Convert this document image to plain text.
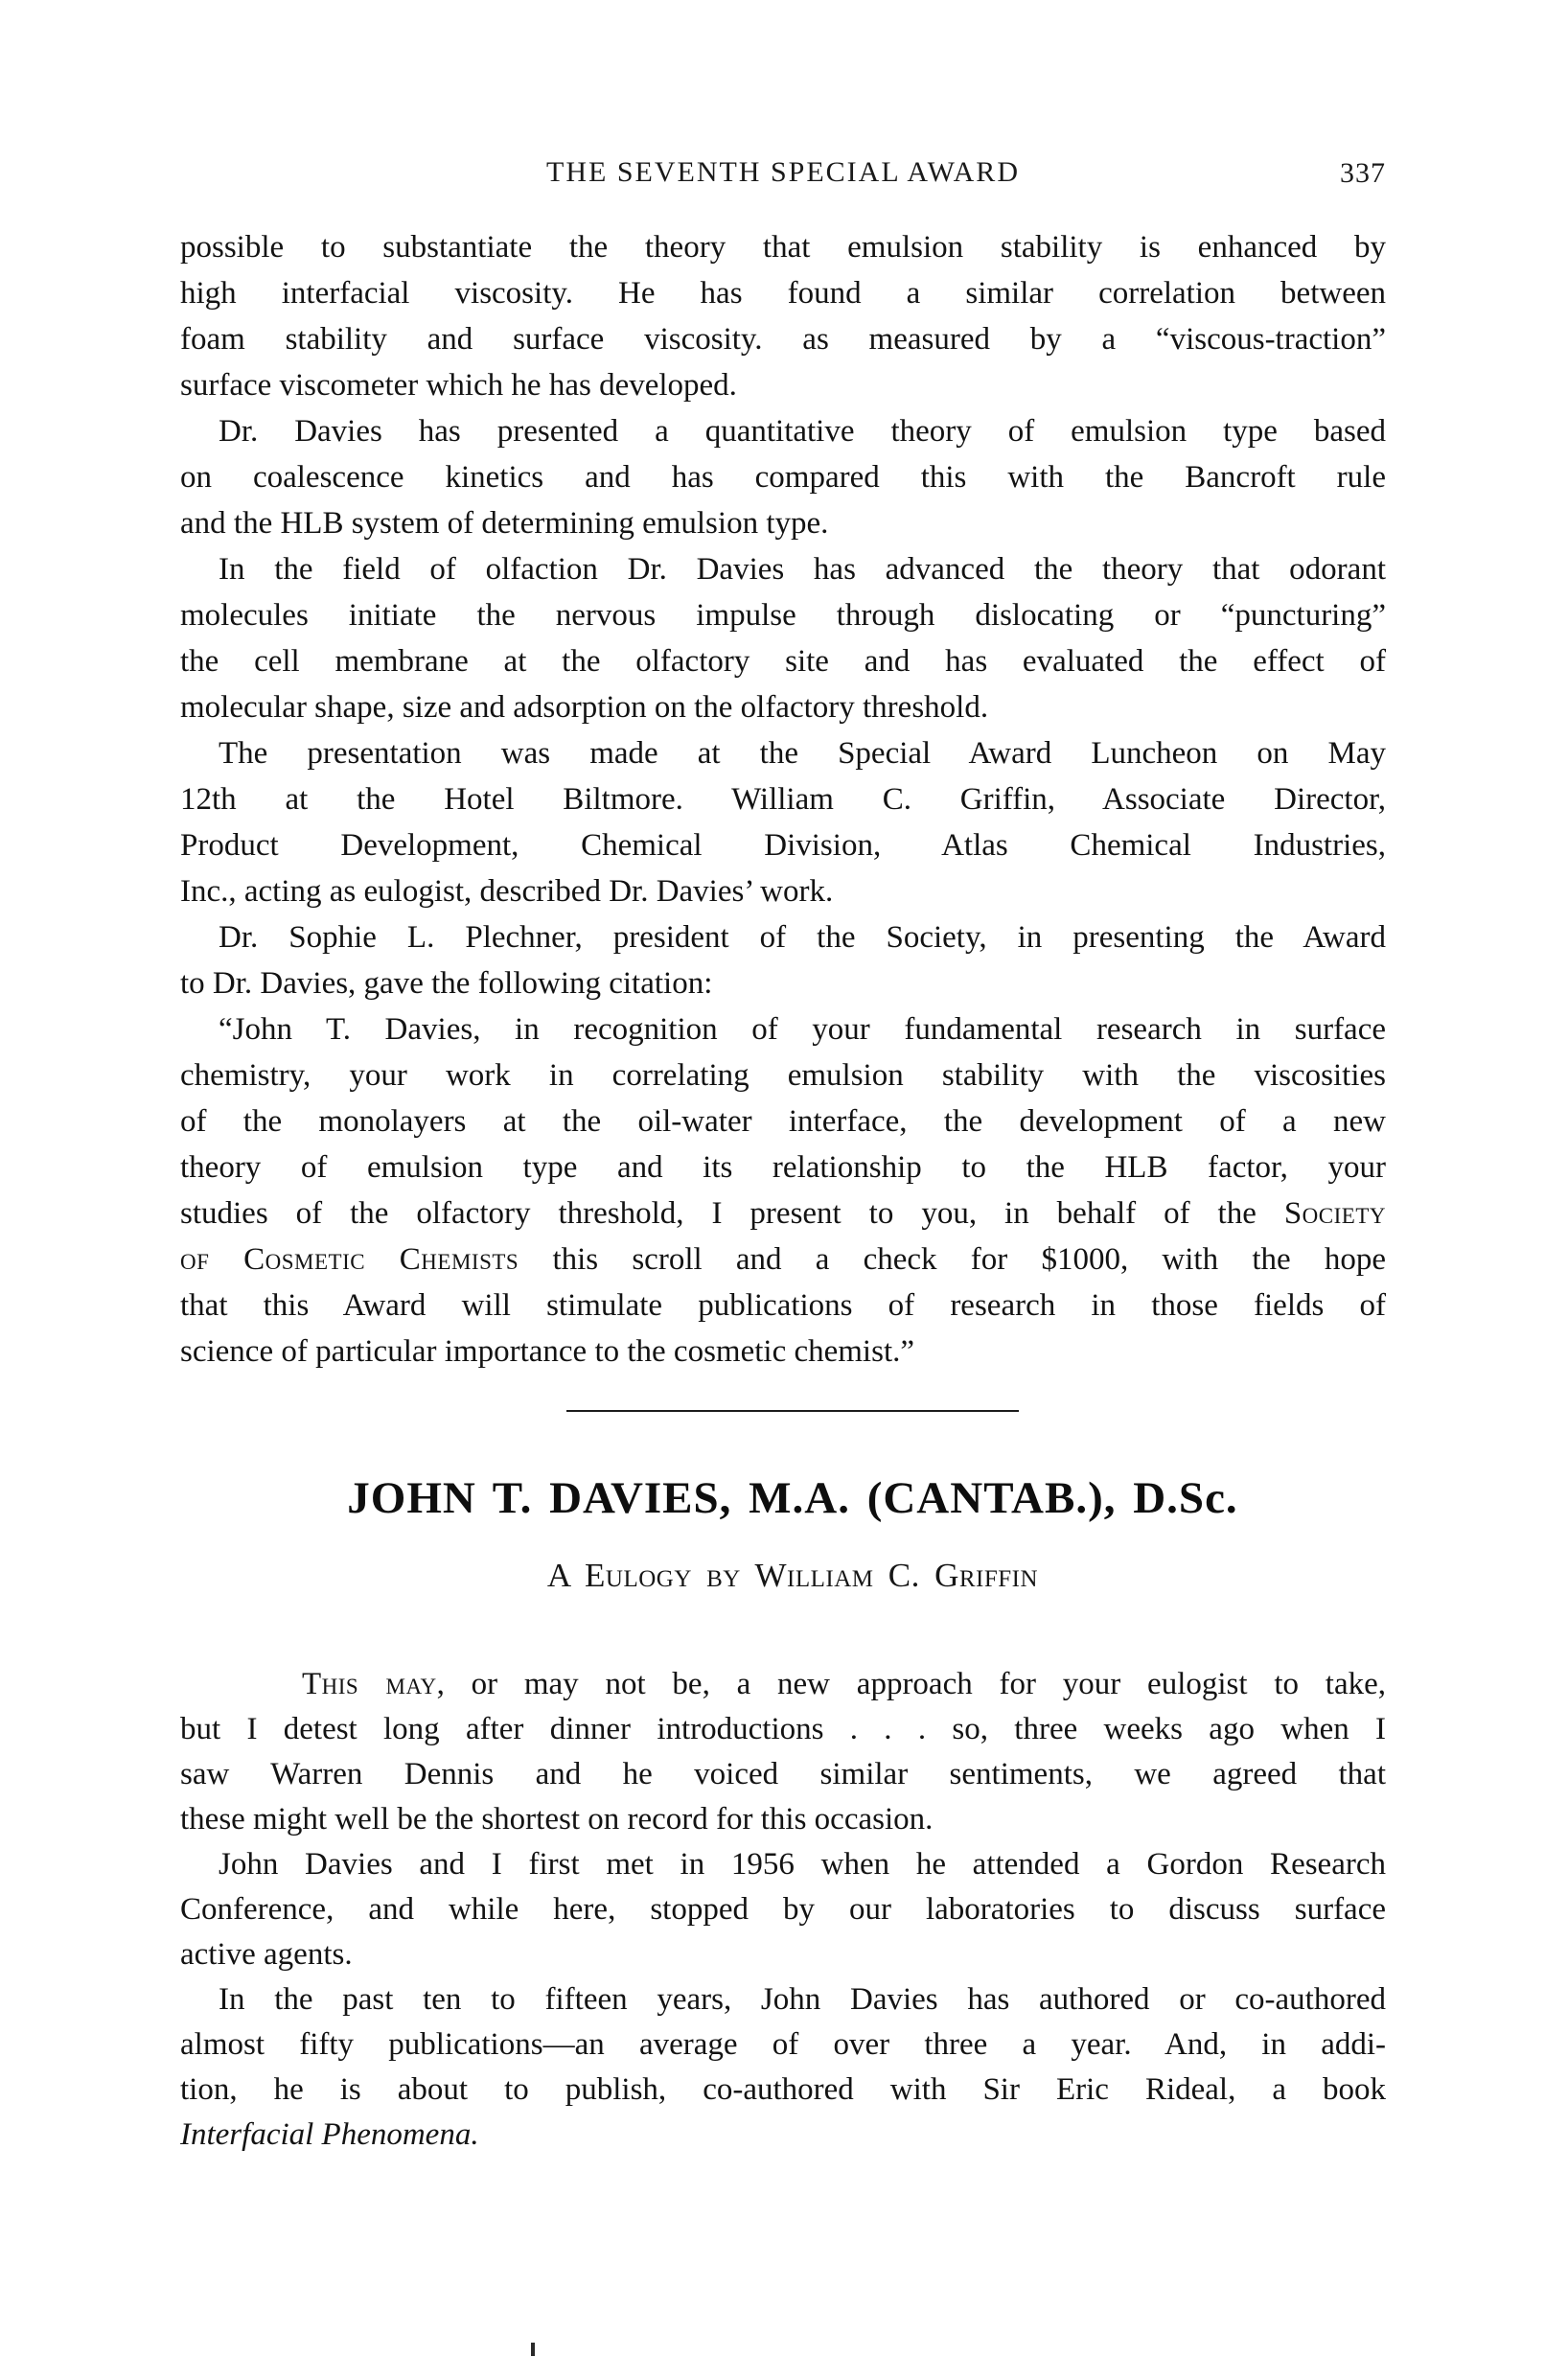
THE SEVENTH SPECIAL AWARD	337

possible to substantiate the theory that emulsion stability is enhanced by
high interfacial viscosity. He has found a similar correlation between
foam stability and surface viscosity. as measured by a “viscous-traction”
surface viscometer which he has developed.

Dr. Davies has presented a quantitative theory of emulsion type based
on coalescence kinetics and has compared this with the Bancroft rule
and the HLB system of determining emulsion type.

In the field of olfaction Dr. Davies has advanced the theory that odorant
molecules initiate the nervous impulse through dislocating or “puncturing”
the cell membrane at the olfactory site and has evaluated the effect of
molecular shape, size and adsorption on the olfactory threshold.

The presentation was made at the Special Award Luncheon on May
12th at the Hotel Biltmore. William C. Griffin, Associate Director,
Product Development, Chemical Division, Atlas Chemical Industries,
Inc., acting as eulogist, described Dr. Davies’ work.

Dr. Sophie L. Plechner, president of the Society, in presenting the Award
to Dr. Davies, gave the following citation:

“John T. Davies, in recognition of your fundamental research in surface
chemistry, your work in correlating emulsion stability with the viscosities
of the monolayers at the oil-water interface, the development of a new
theory of emulsion type and its relationship to the HLB factor, your
studies of the olfactory threshold, I present to you, in behalf of the Society
of Cosmetic Chemists this scroll and a check for $1000, with the hope
that this Award will stimulate publications of research in those fields of
science of particular importance to the cosmetic chemist.”

JOHN T. DAVIES, M.A. (CANTAB.), D.Sc.
A Eulogy by William C. Griffin

This may, or may not be, a new approach for your eulogist to take,
but I detest long after dinner introductions . . . so, three weeks ago when I
saw Warren Dennis and he voiced similar sentiments, we agreed that
these might well be the shortest on record for this occasion.

John Davies and I first met in 1956 when he attended a Gordon Research
Conference, and while here, stopped by our laboratories to discuss surface
active agents.

In the past ten to fifteen years, John Davies has authored or co-authored
almost fifty publications—an average of over three a year. And, in addi-
tion, he is about to publish, co-authored with Sir Eric Rideal, a book
Interfacial Phenomena.
